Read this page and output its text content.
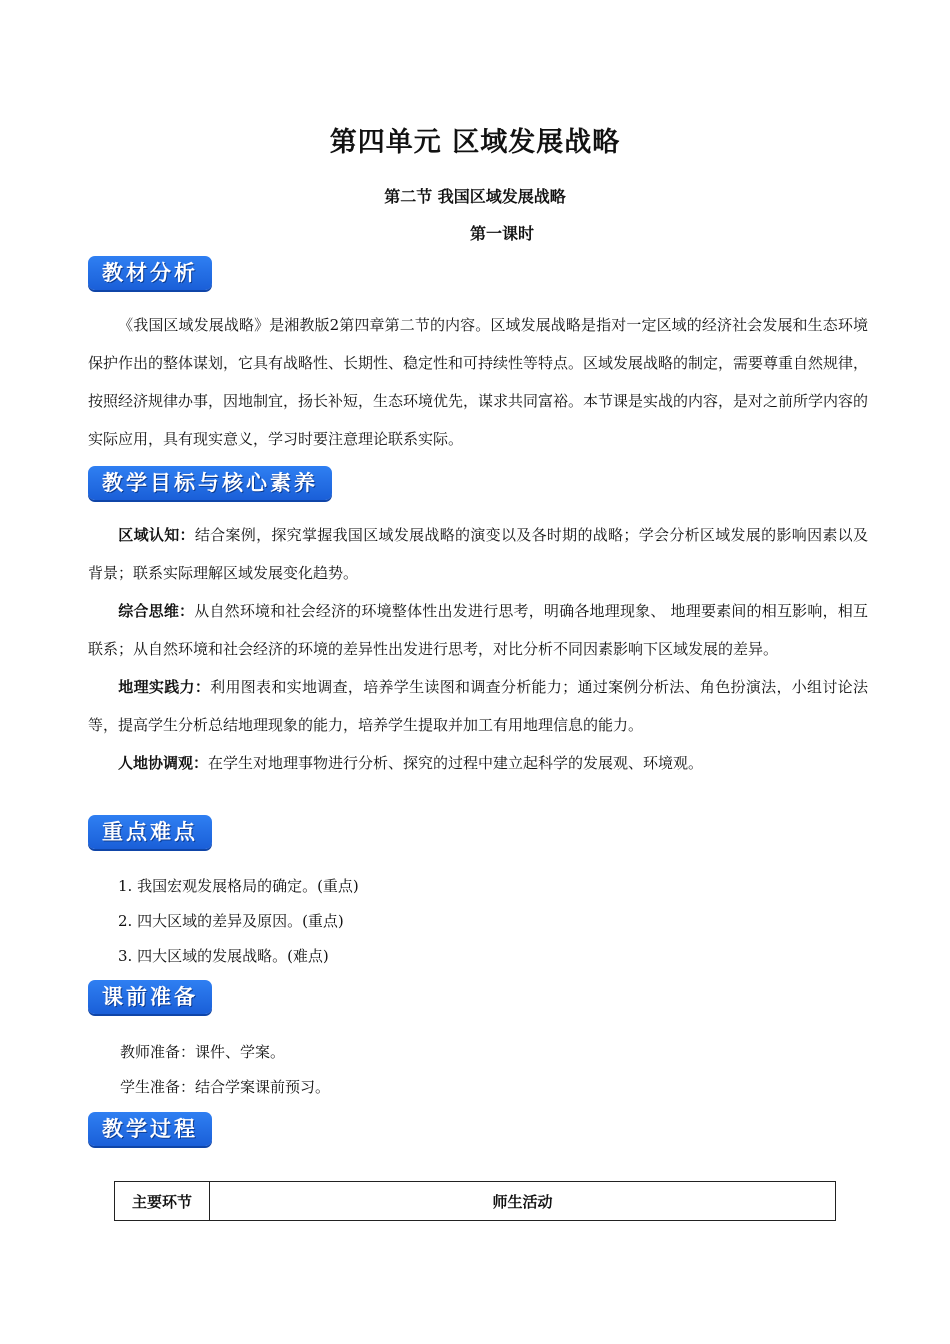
第四单元 区域发展战略
第二节 我国区域发展战略
第一课时
教材分析
《我国区域发展战略》是湘教版2第四章第二节的内容。区域发展战略是指对一定区域的经济社会发展和生态环境保护作出的整体谋划，它具有战略性、长期性、稳定性和可持续性等特点。区域发展战略的制定，需要尊重自然规律，按照经济规律办事，因地制宜，扬长补短，生态环境优先，谋求共同富裕。本节课是实战的内容，是对之前所学内容的实际应用，具有现实意义，学习时要注意理论联系实际。
教学目标与核心素养
区域认知：结合案例，探究掌握我国区域发展战略的演变以及各时期的战略；学会分析区域发展的影响因素以及背景；联系实际理解区域发展变化趋势。
综合思维：从自然环境和社会经济的环境整体性出发进行思考，明确各地理现象、 地理要素间的相互影响，相互联系；从自然环境和社会经济的环境的差异性出发进行思考，对比分析不同因素影响下区域发展的差异。
地理实践力：利用图表和实地调查，培养学生读图和调查分析能力；通过案例分析法、角色扮演法，小组讨论法等，提高学生分析总结地理现象的能力，培养学生提取并加工有用地理信息的能力。
人地协调观：在学生对地理事物进行分析、探究的过程中建立起科学的发展观、环境观。
重点难点
1. 我国宏观发展格局的确定。(重点)
2. 四大区域的差异及原因。(重点)
3. 四大区域的发展战略。(难点)
课前准备
教师准备：课件、学案。
学生准备：结合学案课前预习。
教学过程
主要环节	师生活动
